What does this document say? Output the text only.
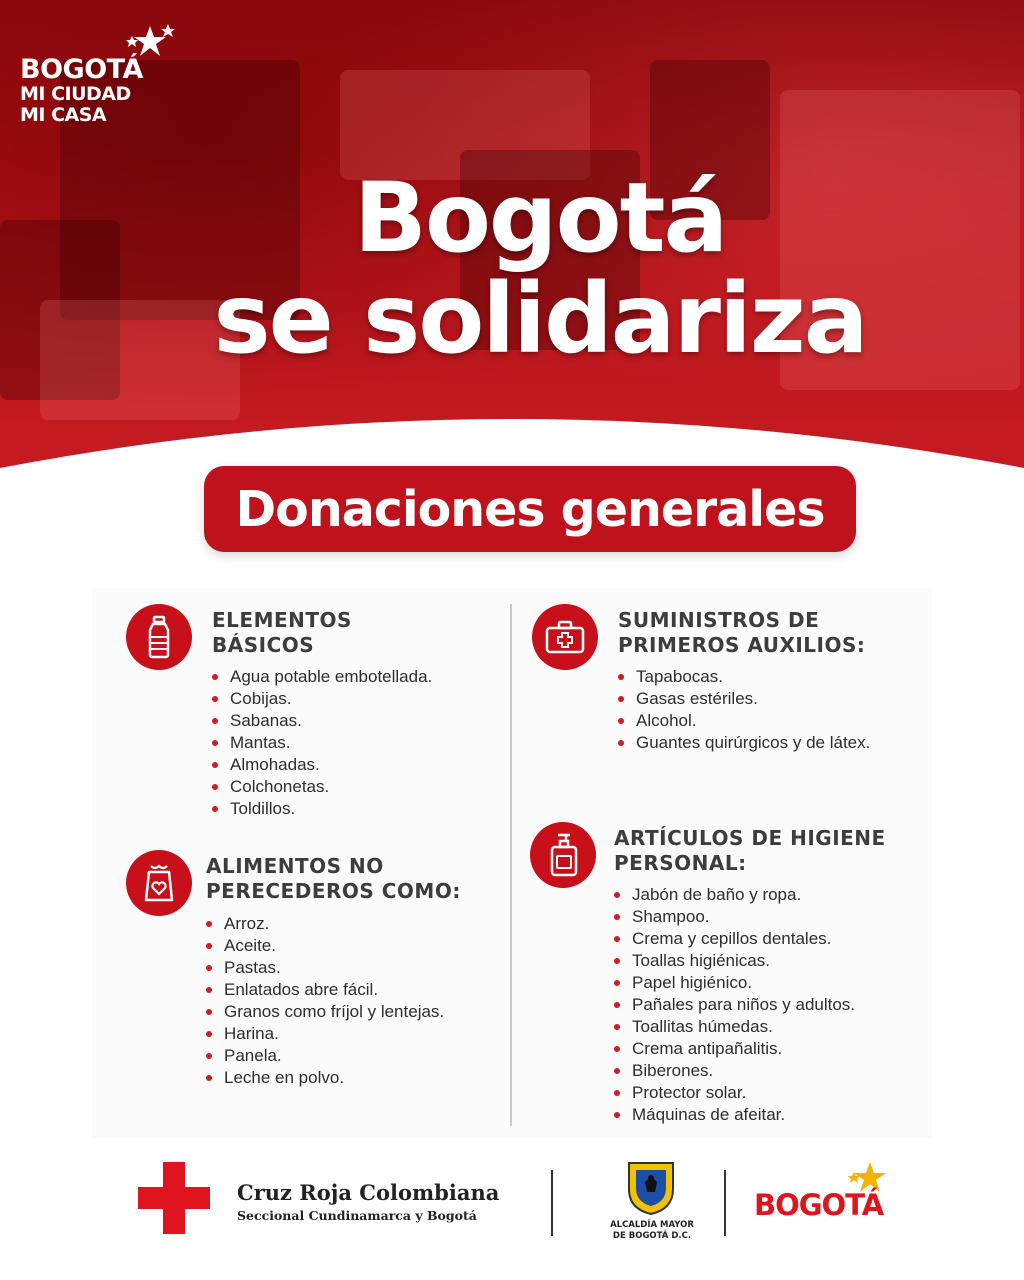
BOGOTÁ
MI CIUDAD
MI CASA
Bogotá
se solidariza
Donaciones generales
ELEMENTOS
BÁSICOS
Agua potable embotellada.
Cobijas.
Sabanas.
Mantas.
Almohadas.
Colchonetas.
Toldillos.
ALIMENTOS NO
PERECEDEROS COMO:
Arroz.
Aceite.
Pastas.
Enlatados abre fácil.
Granos como fríjol y lentejas.
Harina.
Panela.
Leche en polvo.
SUMINISTROS DE
PRIMEROS AUXILIOS:
Tapabocas.
Gasas estériles.
Alcohol.
Guantes quirúrgicos y de látex.
ARTÍCULOS DE HIGIENE
PERSONAL:
Jabón de baño y ropa.
Shampoo.
Crema y cepillos dentales.
Toallas higiénicas.
Papel higiénico.
Pañales para niños y adultos.
Toallitas húmedas.
Crema antipañalitis.
Biberones.
Protector solar.
Máquinas de afeitar.
Cruz Roja Colombiana
Seccional Cundinamarca y Bogotá
ALCALDÍA MAYOR
DE BOGOTÁ D.C.
BOGOTÁ
